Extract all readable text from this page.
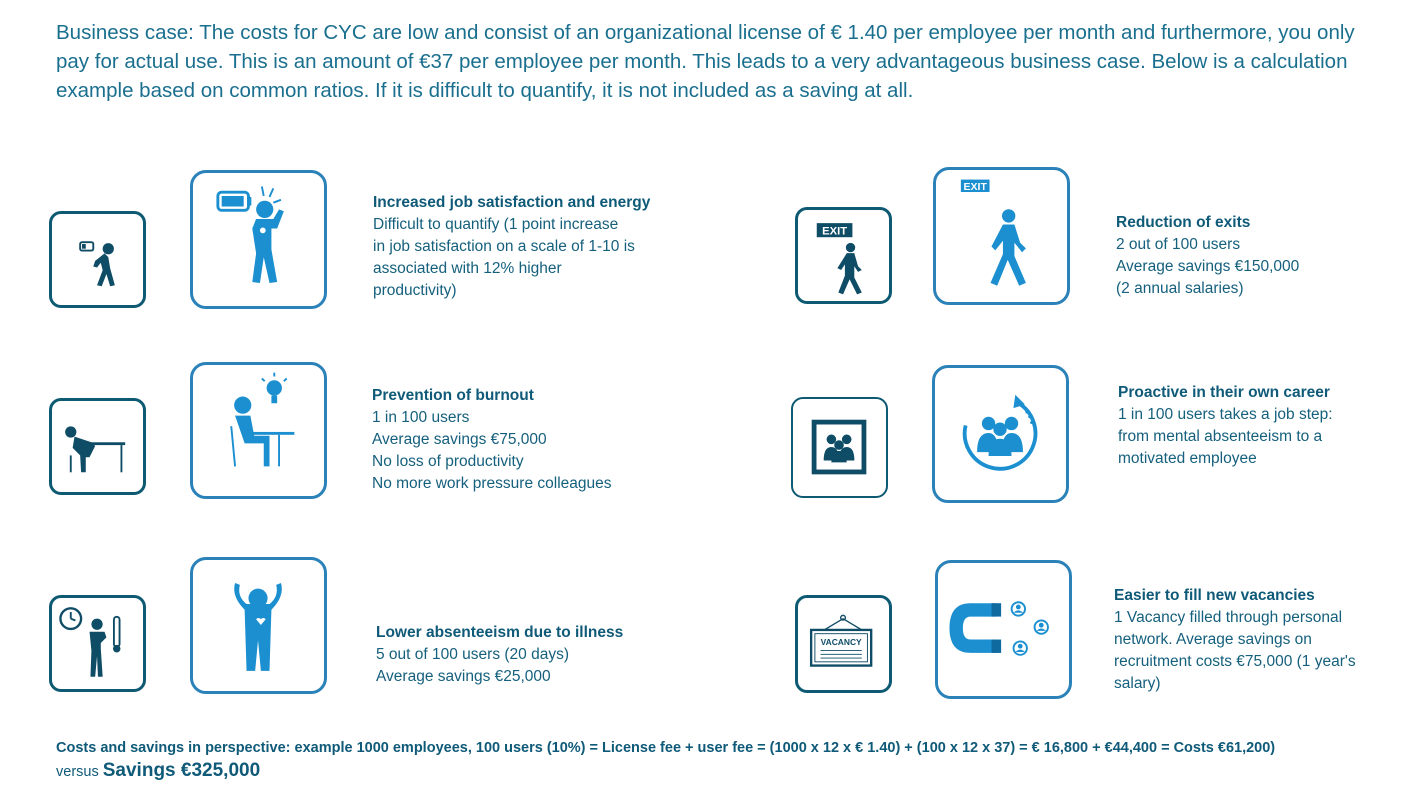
Business case: The costs for CYC are low and consist of an organizational license of € 1.40 per employee per month and furthermore, you only pay for actual use. This is an amount of €37 per employee per month. This leads to a very advantageous business case. Below is a calculation example based on common ratios. If it is difficult to quantify, it is not included as a saving at all.
Increased job satisfaction and energy
Difficult to quantify (1 point increase
in job satisfaction on a scale of 1-10 is
associated with 12% higher
productivity)
Prevention of burnout
1 in 100 users
Average savings €75,000
No loss of productivity
No more work pressure colleagues
Lower absenteeism due to illness
5 out of 100 users (20 days)
Average savings €25,000
EXIT
EXIT
Reduction of exits
2 out of 100 users
Average savings €150,000
(2 annual salaries)
Proactive in their own career
1 in 100 users takes a job step:
from mental absenteeism to a
motivated employee
VACANCY
Easier to fill new vacancies
1 Vacancy filled through personal
network. Average savings on
recruitment costs €75,000 (1 year's
salary)
Costs and savings in perspective: example 1000 employees, 100 users (10%) = License fee + user fee = (1000 x 12 x € 1.40) + (100 x 12 x 37) = € 16,800 + €44,400 = Costs €61,200)
versus Savings €325,000
